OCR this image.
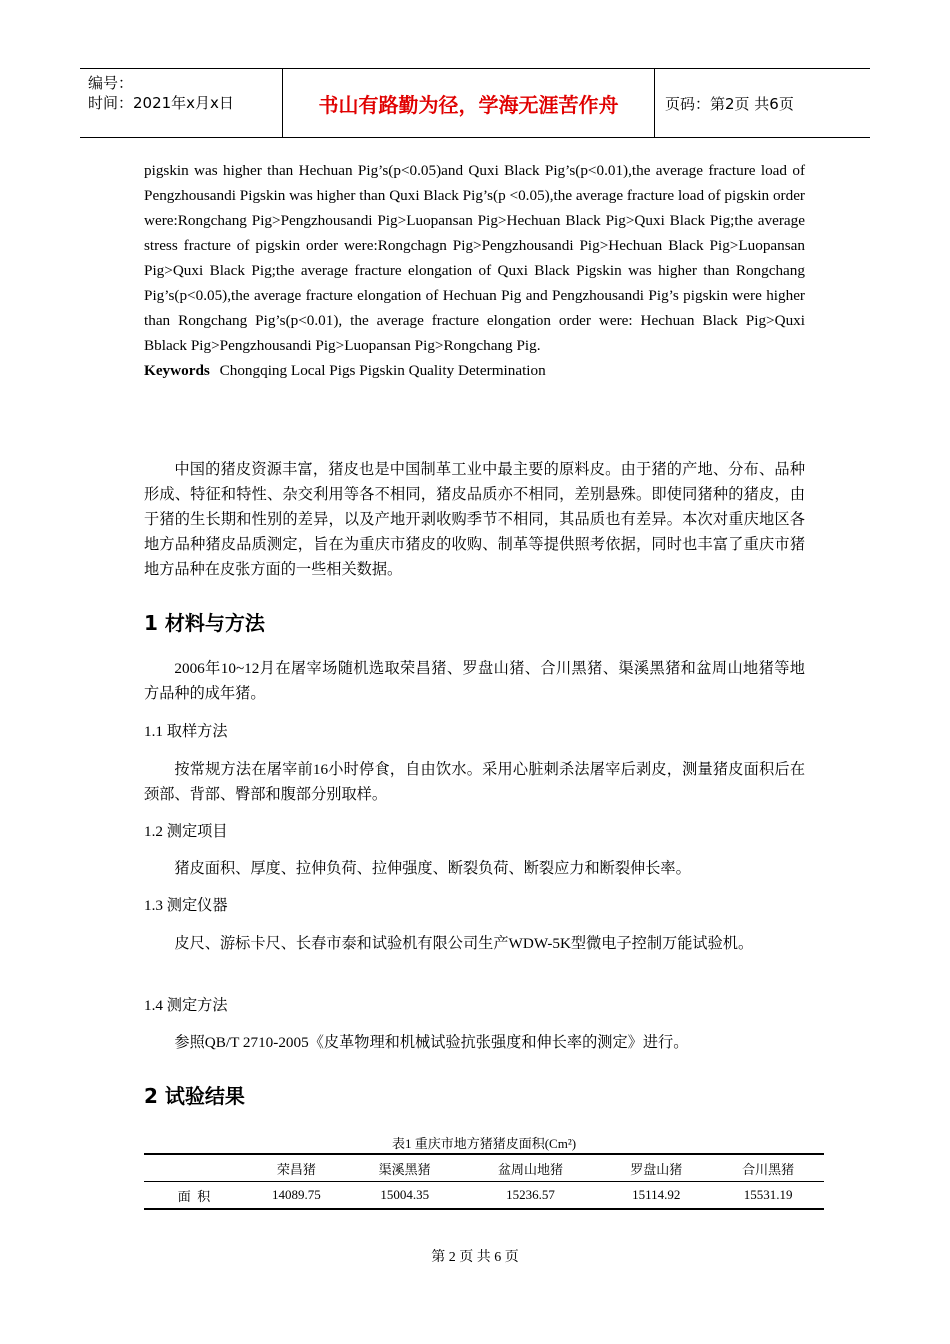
编号：
时间：2021年x月x日	书山有路勤为径，学海无涯苦作舟	页码：第2页 共6页
pigskin was higher than Hechuan Pig’s(p<0.05)and Quxi Black Pig’s(p<0.01),the average fracture load of Pengzhousandi Pigskin was higher than Quxi Black Pig’s(p <0.05),the average fracture load of pigskin order were:Rongchang Pig>Pengzhousandi Pig>Luopansan Pig>Hechuan Black Pig>Quxi Black Pig;the average stress fracture of pigskin order were:Rongchagn Pig>Pengzhousandi Pig>Hechuan Black Pig>Luopansan Pig>Quxi Black Pig;the average fracture elongation of Quxi Black Pigskin was higher than Rongchang Pig’s(p<0.05),the average fracture elongation of Hechuan Pig and Pengzhousandi Pig’s pigskin were higher than Rongchang Pig’s(p<0.01), the average fracture elongation order were: Hechuan Black Pig>Quxi Bblack Pig>Pengzhousandi Pig>Luopansan Pig>Rongchang Pig.
Keywords Chongqing Local Pigs Pigskin Quality Determination
中国的猪皮资源丰富，猪皮也是中国制革工业中最主要的原料皮。由于猪的产地、分布、品种形成、特征和特性、杂交利用等各不相同，猪皮品质亦不相同，差别悬殊。即使同猪种的猪皮，由于猪的生长期和性别的差异，以及产地开剥收购季节不相同，其品质也有差异。本次对重庆地区各地方品种猪皮品质测定，旨在为重庆市猪皮的收购、制革等提供照考依据，同时也丰富了重庆市猪地方品种在皮张方面的一些相关数据。
1 材料与方法
2006年10~12月在屠宰场随机选取荣昌猪、罗盘山猪、合川黑猪、渠溪黑猪和盆周山地猪等地方品种的成年猪。
1.1 取样方法
按常规方法在屠宰前16小时停食，自由饮水。采用心脏刺杀法屠宰后剥皮，测量猪皮面积后在颈部、背部、臀部和腹部分别取样。
1.2 测定项目
猪皮面积、厚度、拉伸负荷、拉伸强度、断裂负荷、断裂应力和断裂伸长率。
1.3 测定仪器
皮尺、游标卡尺、长春市泰和试验机有限公司生产WDW-5K型微电子控制万能试验机。
1.4 测定方法
参照QB/T 2710-2005《皮革物理和机械试验抗张强度和伸长率的测定》进行。
2 试验结果
表1 重庆市地方猪猪皮面积(Cm²)
	荣昌猪	渠溪黑猪	盆周山地猪	罗盘山猪	合川黑猪
面  积	14089.75	15004.35	15236.57	15114.92	15531.19
第 2 页 共 6 页
